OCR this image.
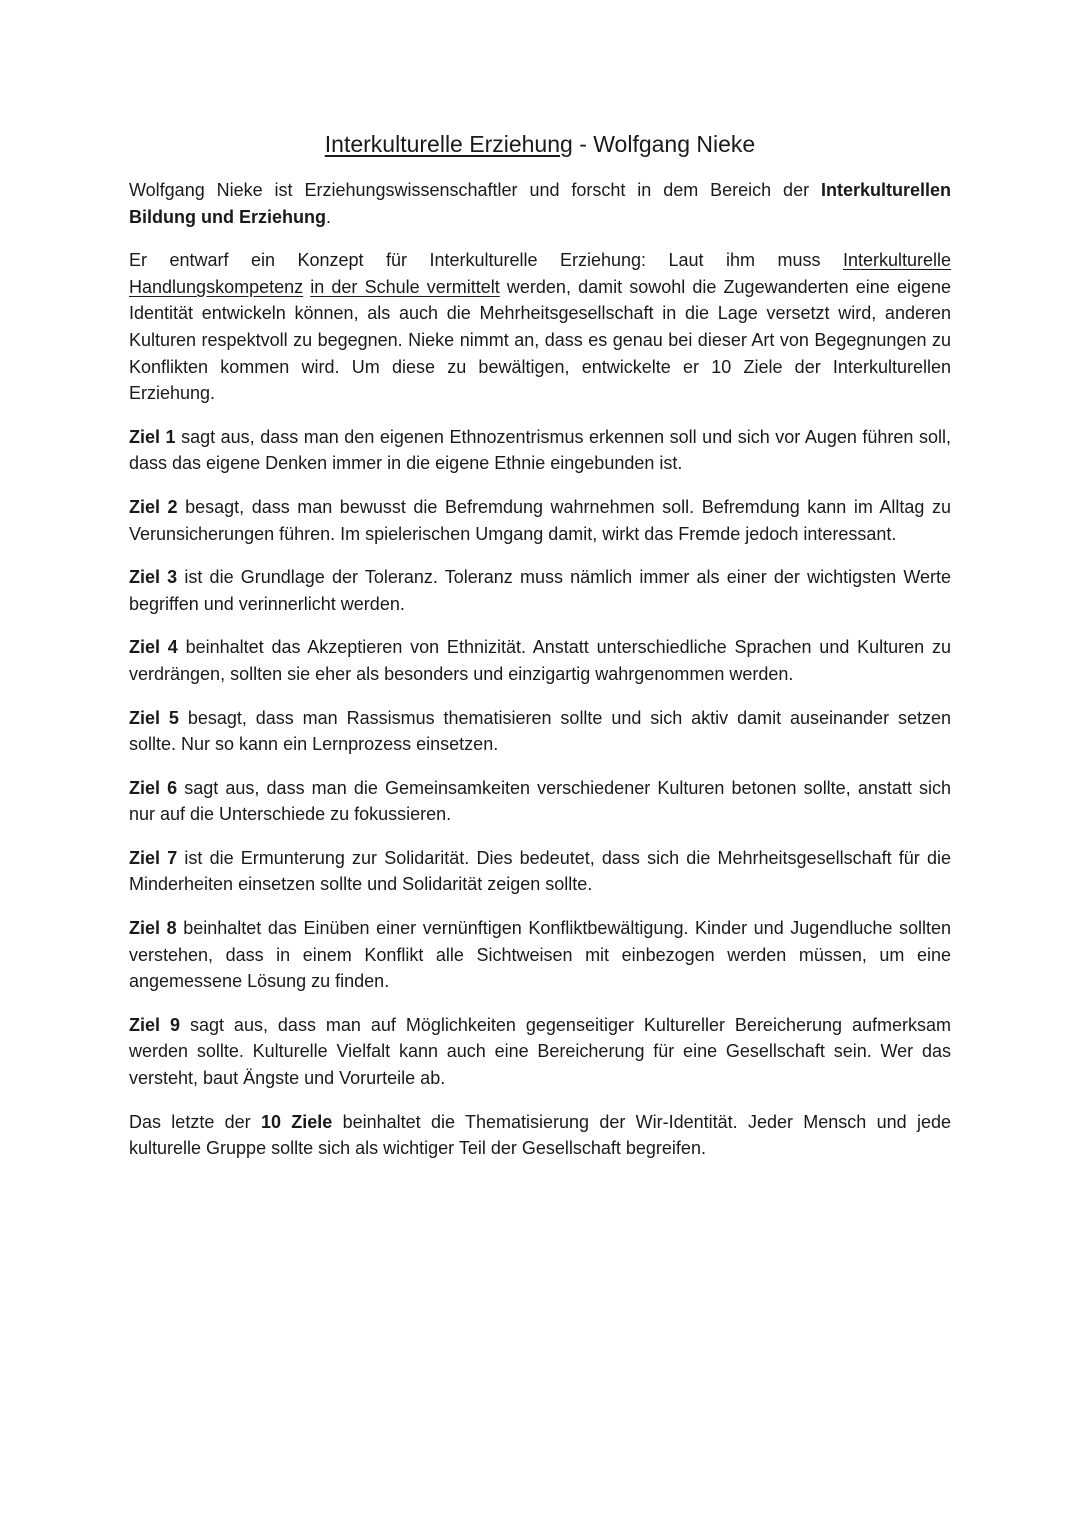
Interkulturelle Erziehung - Wolfgang Nieke

Wolfgang Nieke ist Erziehungswissenschaftler und forscht in dem Bereich der Interkulturellen Bildung und Erziehung.

Er entwarf ein Konzept für Interkulturelle Erziehung: Laut ihm muss Interkulturelle Handlungskompetenz in der Schule vermittelt werden, damit sowohl die Zugewanderten eine eigene Identität entwickeln können, als auch die Mehrheitsgesellschaft in die Lage versetzt wird, anderen Kulturen respektvoll zu begegnen. Nieke nimmt an, dass es genau bei dieser Art von Begegnungen zu Konflikten kommen wird. Um diese zu bewältigen, entwickelte er 10 Ziele der Interkulturellen Erziehung.

Ziel 1 sagt aus, dass man den eigenen Ethnozentrismus erkennen soll und sich vor Augen führen soll, dass das eigene Denken immer in die eigene Ethnie eingebunden ist.

Ziel 2 besagt, dass man bewusst die Befremdung wahrnehmen soll. Befremdung kann im Alltag zu Verunsicherungen führen. Im spielerischen Umgang damit, wirkt das Fremde jedoch interessant.

Ziel 3 ist die Grundlage der Toleranz. Toleranz muss nämlich immer als einer der wichtigsten Werte begriffen und verinnerlicht werden.

Ziel 4 beinhaltet das Akzeptieren von Ethnizität. Anstatt unterschiedliche Sprachen und Kulturen zu verdrängen, sollten sie eher als besonders und einzigartig wahrgenommen werden.

Ziel 5 besagt, dass man Rassismus thematisieren sollte und sich aktiv damit auseinander setzen sollte. Nur so kann ein Lernprozess einsetzen.

Ziel 6 sagt aus, dass man die Gemeinsamkeiten verschiedener Kulturen betonen sollte, anstatt sich nur auf die Unterschiede zu fokussieren.

Ziel 7 ist die Ermunterung zur Solidarität. Dies bedeutet, dass sich die Mehrheitsgesellschaft für die Minderheiten einsetzen sollte und Solidarität zeigen sollte.

Ziel 8 beinhaltet das Einüben einer vernünftigen Konfliktbewältigung. Kinder und Jugendluche sollten verstehen, dass in einem Konflikt alle Sichtweisen mit einbezogen werden müssen, um eine angemessene Lösung zu finden.

Ziel 9 sagt aus, dass man auf Möglichkeiten gegenseitiger Kultureller Bereicherung aufmerksam werden sollte. Kulturelle Vielfalt kann auch eine Bereicherung für eine Gesellschaft sein. Wer das versteht, baut Ängste und Vorurteile ab.

Das letzte der 10 Ziele beinhaltet die Thematisierung der Wir-Identität. Jeder Mensch und jede kulturelle Gruppe sollte sich als wichtiger Teil der Gesellschaft begreifen.
